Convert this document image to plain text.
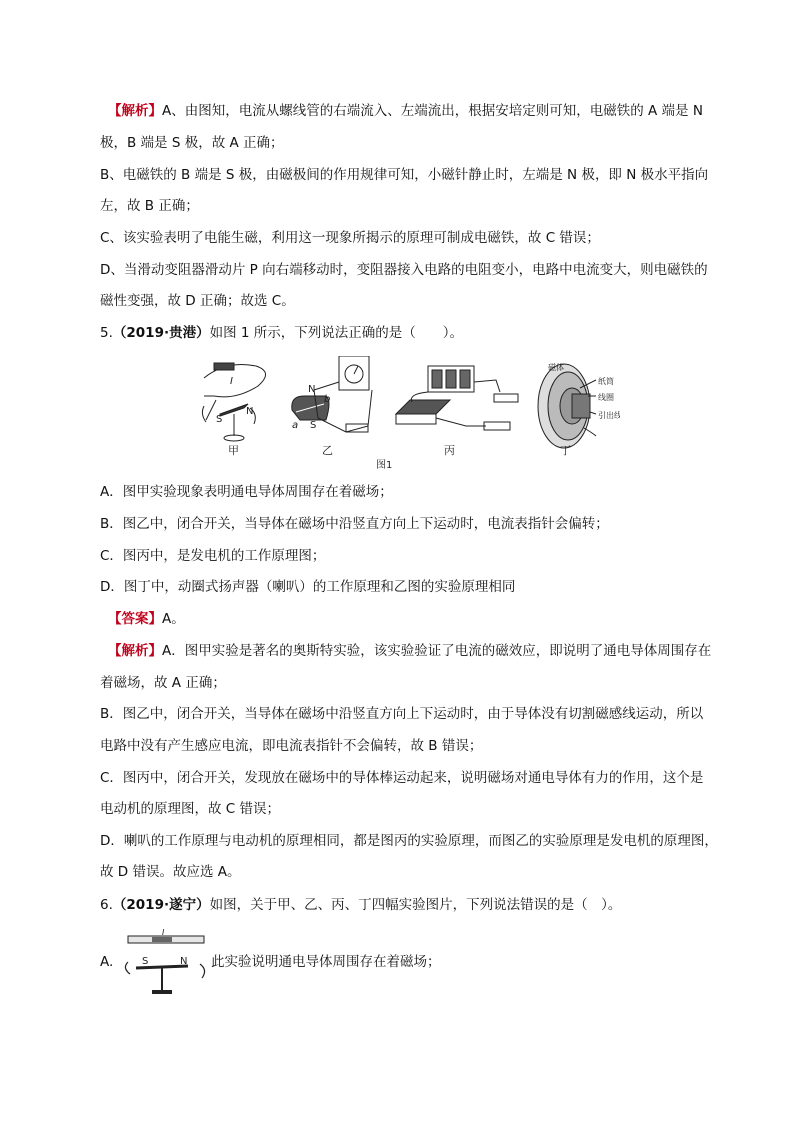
【解析】A、由图知，电流从螺线管的右端流入、左端流出，根据安培定则可知，电磁铁的 A 端是 N
极，B 端是 S 极，故 A 正确；
B、电磁铁的 B 端是 S 极，由磁极间的作用规律可知，小磁针静止时，左端是 N 极，即 N 极水平指向
左，故 B 正确；
C、该实验表明了电能生磁，利用这一现象所揭示的原理可制成电磁铁，故 C 错误；
D、当滑动变阻器滑动片 P 向右端移动时，变阻器接入电路的电阻变小，电路中电流变大，则电磁铁的
磁性变强，故 D 正确；故选 C。
5.（2019·贵港）如图 1 所示，下列说法正确的是（　　）。
S
N
I
N
b
a S
磁体
纸筒
线圈
引出线
甲	乙	丙	丁
图1
A．图甲实验现象表明通电导体周围存在着磁场；
B．图乙中，闭合开关，当导体在磁场中沿竖直方向上下运动时，电流表指针会偏转；
C．图丙中，是发电机的工作原理图；
D．图丁中，动圈式扬声器（喇叭）的工作原理和乙图的实验原理相同
【答案】A。
【解析】A．图甲实验是著名的奥斯特实验，该实验验证了电流的磁效应，即说明了通电导体周围存在
着磁场，故 A 正确；
B．图乙中，闭合开关，当导体在磁场中沿竖直方向上下运动时，由于导体没有切割磁感线运动，所以
电路中没有产生感应电流，即电流表指针不会偏转，故 B 错误；
C．图丙中，闭合开关，发现放在磁场中的导体棒运动起来，说明磁场对通电导体有力的作用，这个是
电动机的原理图，故 C 错误；
D．喇叭的工作原理与电动机的原理相同，都是图丙的实验原理，而图乙的实验原理是发电机的原理图，
故 D 错误。故应选 A。
6.（2019·遂宁）如图，关于甲、乙、丙、丁四幅实验图片，下列说法错误的是（　）。
A.
I
S	N 此实验说明通电导体周围存在着磁场；
